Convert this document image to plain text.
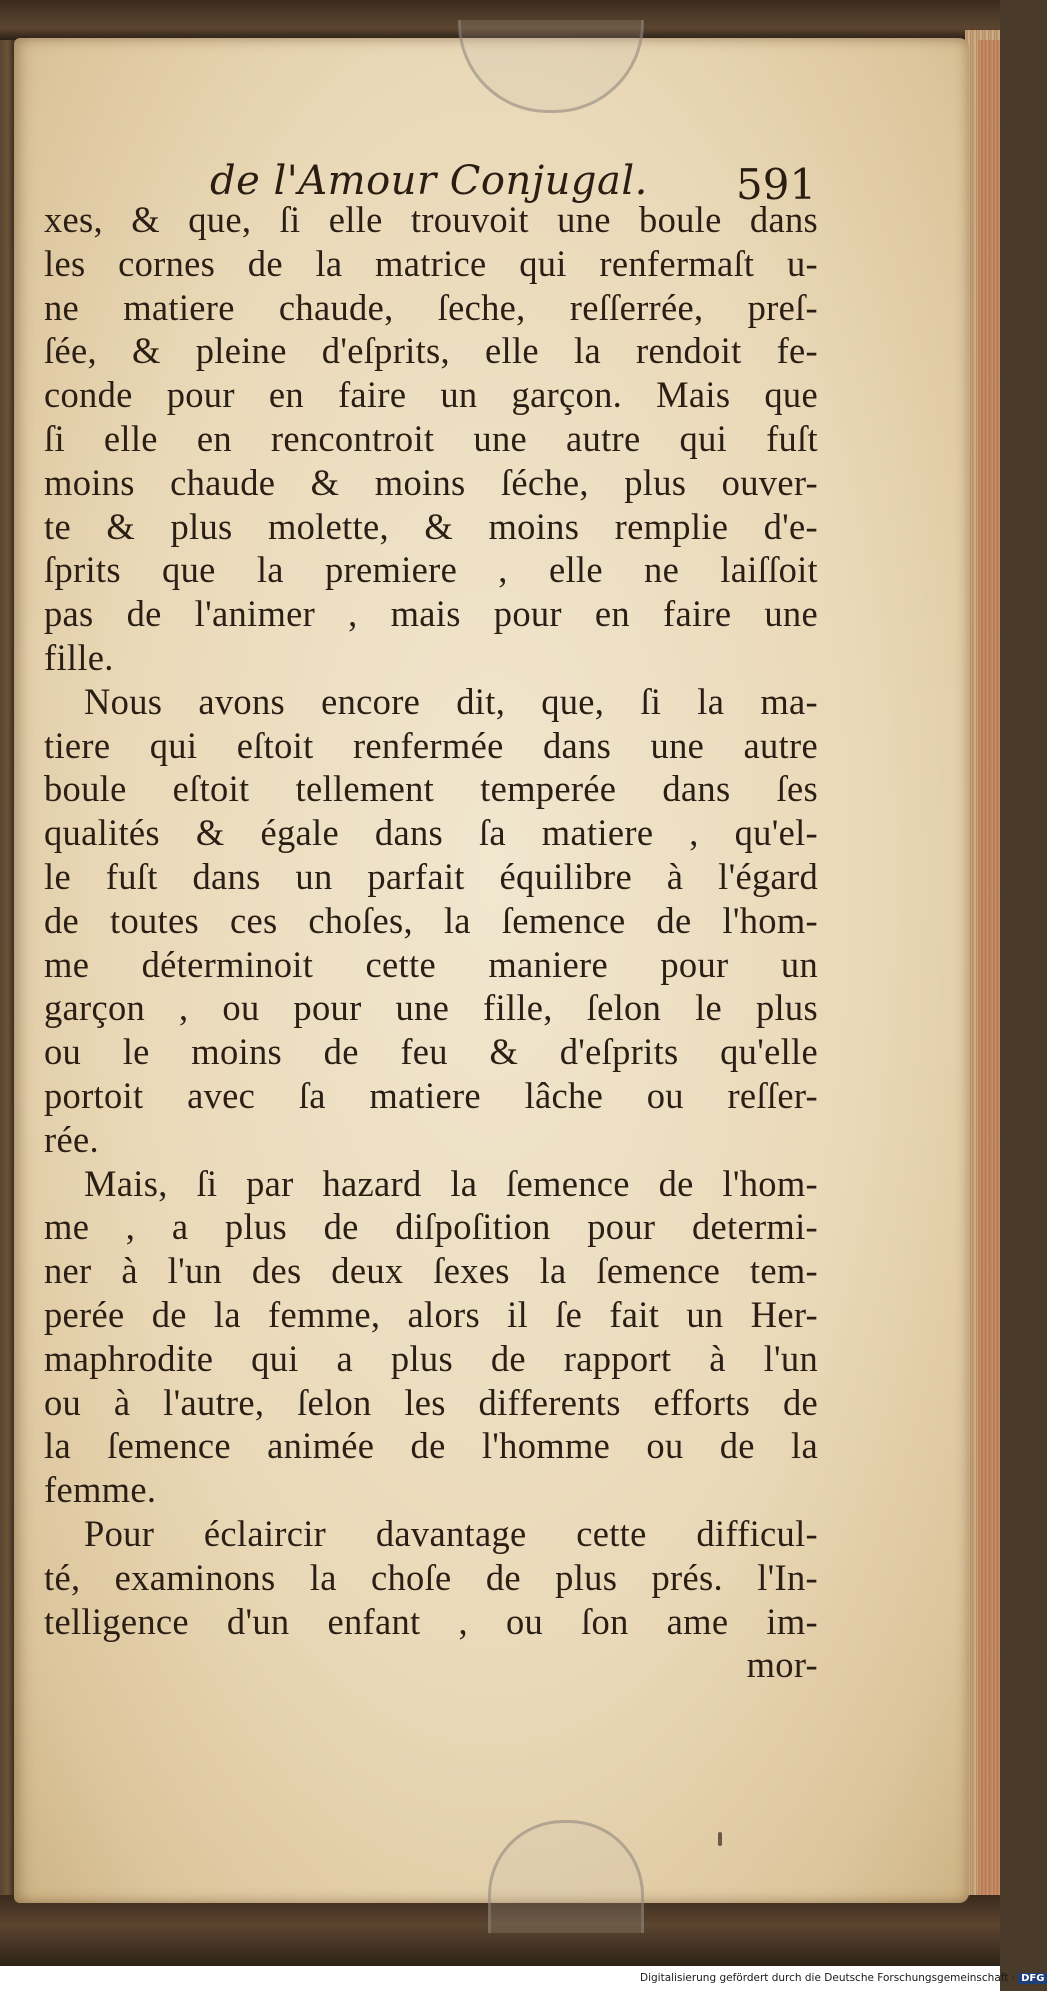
de l'Amour Conjugal.	591
xes, & que, ſi elle trouvoit une boule dans
les cornes de la matrice qui renfermaſt u-
ne matiere chaude, ſeche, reſſerrée, preſ-
ſée, & pleine d'eſprits, elle la rendoit fe-
conde pour en faire un garçon. Mais que
ſi elle en rencontroit une autre qui fuſt
moins chaude & moins ſéche, plus ouver-
te & plus molette, & moins remplie d'e-
ſprits que la premiere , elle ne laiſſoit
pas de l'animer , mais pour en faire une
fille.
Nous avons encore dit, que, ſi la ma-
tiere qui eſtoit renfermée dans une autre
boule eſtoit tellement temperée dans ſes
qualités & égale dans ſa matiere , qu'el-
le fuſt dans un parfait équilibre à l'égard
de toutes ces choſes, la ſemence de l'hom-
me déterminoit cette maniere pour un
garçon , ou pour une fille, ſelon le plus
ou le moins de feu & d'eſprits qu'elle
portoit avec ſa matiere lâche ou reſſer-
rée.
Mais, ſi par hazard la ſemence de l'hom-
me , a plus de diſpoſition pour determi-
ner à l'un des deux ſexes la ſemence tem-
perée de la femme, alors il ſe fait un Her-
maphrodite qui a plus de rapport à l'un
ou à l'autre, ſelon les differents efforts de
la ſemence animée de l'homme ou de la
femme.
Pour éclaircir davantage cette difficul-
té, examinons la choſe de plus prés. l'In-
telligence d'un enfant , ou ſon ame im-
mor-
Digitalisierung gefördert durch die Deutsche Forschungsgemeinschaft · DFG
